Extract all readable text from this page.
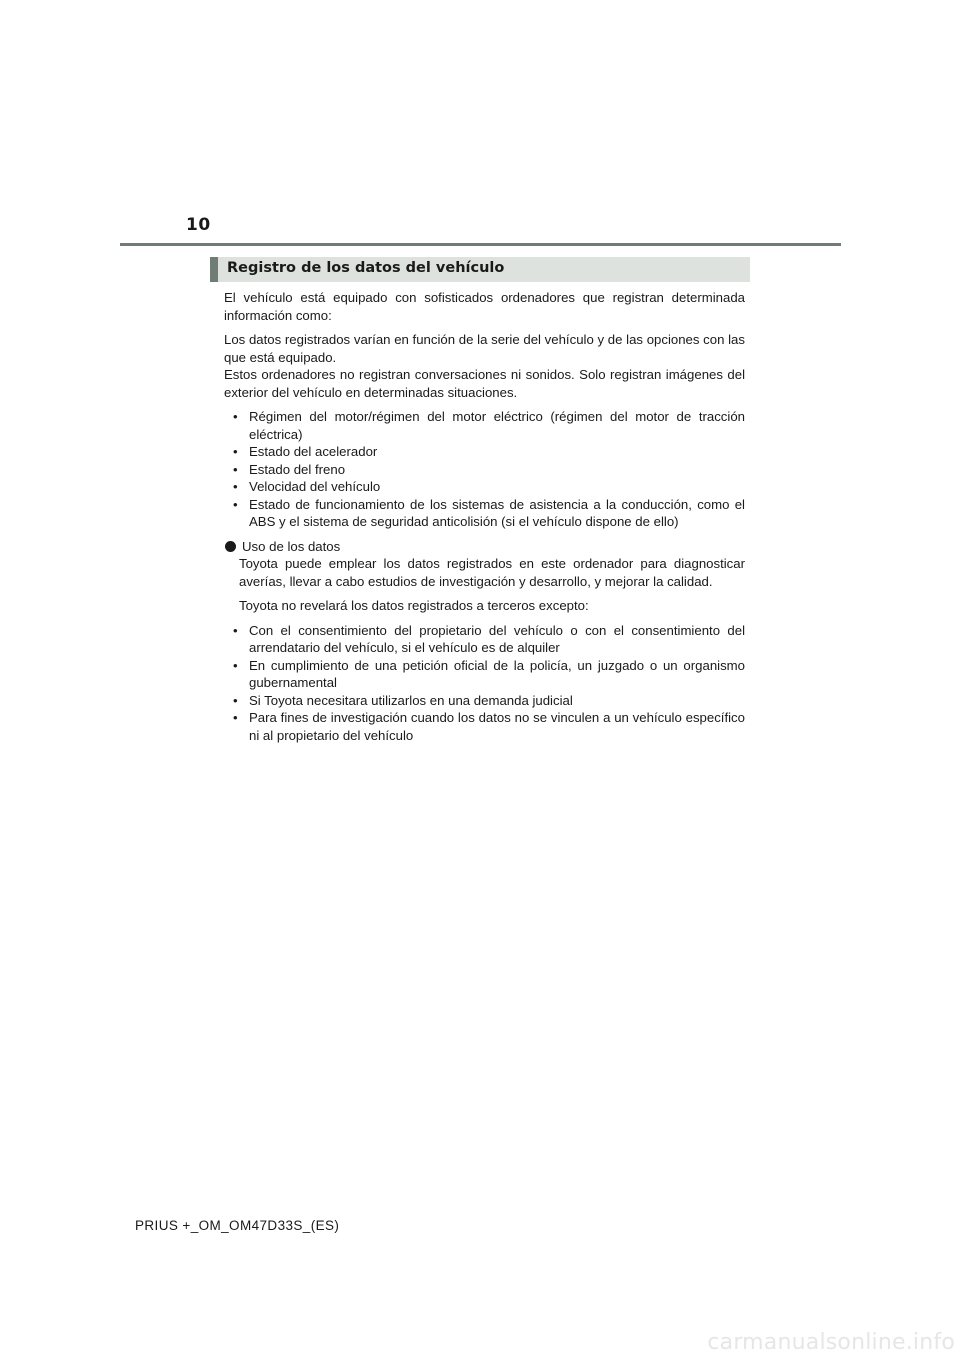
10
Registro de los datos del vehículo

El vehículo está equipado con sofisticados ordenadores que registran determinada información como:

Los datos registrados varían en función de la serie del vehículo y de las opciones con las que está equipado.

Estos ordenadores no registran conversaciones ni sonidos. Solo registran imágenes del exterior del vehículo en determinadas situaciones.

• Régimen del motor/régimen del motor eléctrico (régimen del motor de tracción eléctrica)
• Estado del acelerador
• Estado del freno
• Velocidad del vehículo
• Estado de funcionamiento de los sistemas de asistencia a la conducción, como el ABS y el sistema de seguridad anticolisión (si el vehículo dispone de ello)
Uso de los datos

Toyota puede emplear los datos registrados en este ordenador para diagnosticar averías, llevar a cabo estudios de investigación y desarrollo, y mejorar la calidad.

Toyota no revelará los datos registrados a terceros excepto:

• Con el consentimiento del propietario del vehículo o con el consentimiento del arrendatario del vehículo, si el vehículo es de alquiler
• En cumplimiento de una petición oficial de la policía, un juzgado o un organismo gubernamental
• Si Toyota necesitara utilizarlos en una demanda judicial
• Para fines de investigación cuando los datos no se vinculen a un vehículo específico ni al propietario del vehículo
PRIUS +_OM_OM47D33S_(ES)
carmanualsonline.info
